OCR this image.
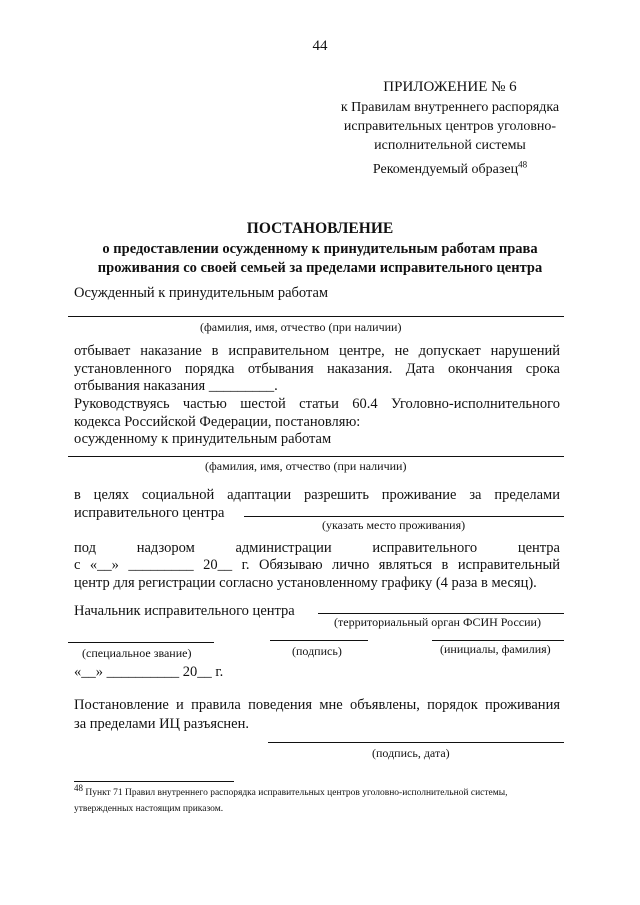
44
ПРИЛОЖЕНИЕ № 6
к Правилам внутреннего распорядка
исправительных центров уголовно-
исполнительной системы
Рекомендуемый образец$^{48}$
ПОСТАНОВЛЕНИЕ
о предоставлении осужденному к принудительным работам права
проживания со своей семьей за пределами исправительного центра
Осужденный к принудительным работам
(фамилия, имя, отчество (при наличии)
отбывает наказание в исправительном центре, не допускает нарушений
установленного порядка отбывания наказания. Дата окончания срока
отбывания наказания _________.
Руководствуясь частью шестой статьи 60.4 Уголовно-исполнительного
кодекса Российской Федерации, постановляю:
осужденному к принудительным работам
(фамилия, имя, отчество (при наличии)
в целях социальной адаптации разрешить проживание за пределами
исправительного центра
(указать место проживания)
под надзором администрации исправительного центра
с «__» _________ 20__ г. Обязываю лично являться в исправительный
центр для регистрации согласно установленному графику (4 раза в месяц).
Начальник исправительного центра
(территориальный орган ФСИН России)
(специальное звание)	(подпись)	(инициалы, фамилия)
«__» __________ 20__ г.
Постановление и правила поведения мне объявлены, порядок проживания
за пределами ИЦ разъяснен.
(подпись, дата)
$^{48}$ Пункт 71 Правил внутреннего распорядка исправительных центров уголовно-исполнительной системы,
утвержденных настоящим приказом.
